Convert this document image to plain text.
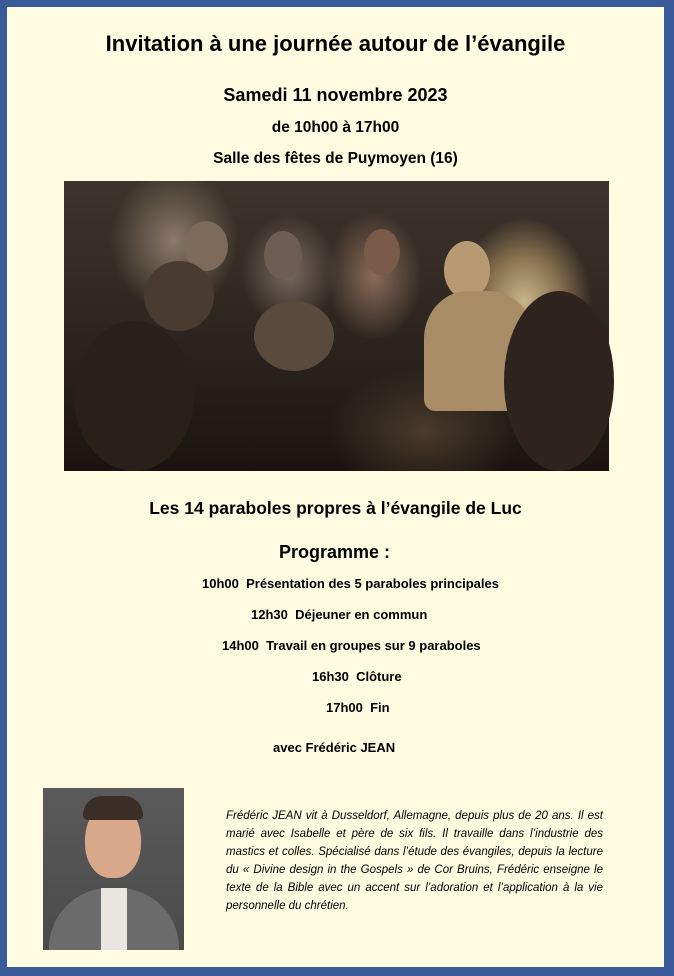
Invitation à une journée autour de l’évangile
Samedi 11 novembre 2023
de 10h00 à 17h00
Salle des fêtes de Puymoyen (16)
Les 14 paraboles propres à l’évangile de Luc
Programme :
10h00  Présentation des 5 paraboles principales
12h30  Déjeuner en commun
14h00  Travail en groupes sur 9 paraboles
16h30  Clôture
17h00  Fin
avec Frédéric JEAN
Frédéric JEAN vit à Dusseldorf, Allemagne, depuis plus de 20 ans. Il est marié avec Isabelle et père de six fils. Il travaille dans l’industrie des mastics et colles. Spécialisé dans l’étude des évangiles, depuis la lecture du « Divine design in the Gospels » de Cor Bruins, Frédéric enseigne le texte de la Bible avec un accent sur l’adoration et l’application à la vie personnelle du chrétien.
